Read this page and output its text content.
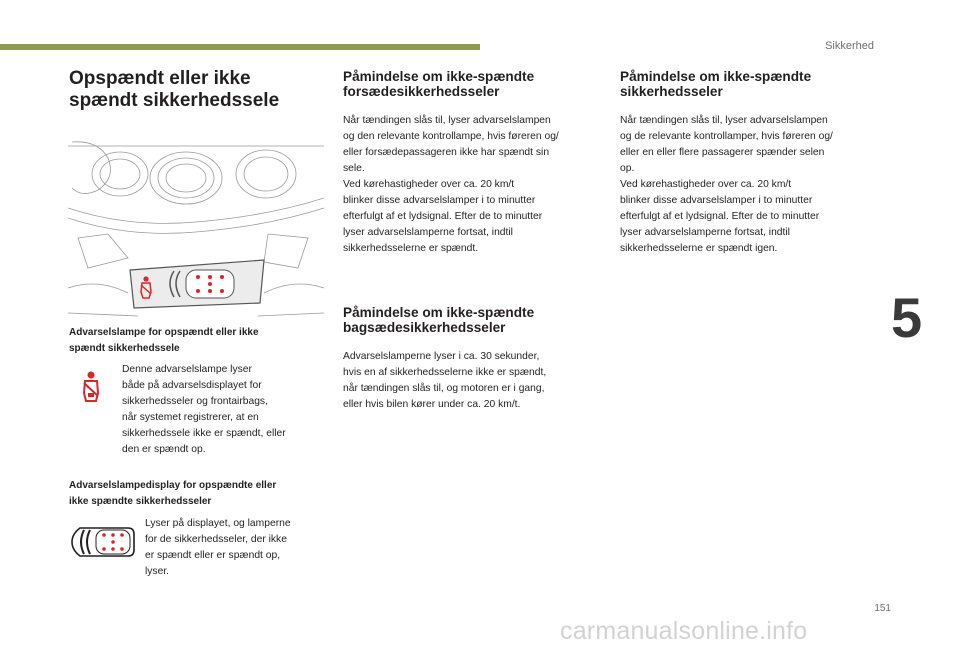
Sikkerhed
5
151
carmanualsonline.info
Opspændt eller ikke
spændt sikkerhedssele
Advarselslampe for opspændt eller ikke
spændt sikkerhedssele

Denne advarselslampe lyser
både på advarselsdisplayet for
sikkerhedsseler og frontairbags,
når systemet registrerer, at en
sikkerhedssele ikke er spændt, eller
den er spændt op.

Advarselslampedisplay for opspændte eller
ikke spændte sikkerhedsseler

Lyser på displayet, og lamperne
for de sikkerhedsseler, der ikke
er spændt eller er spændt op,
lyser.

Påmindelse om ikke-spændte
forsædesikkerhedsseler

Når tændingen slås til, lyser advarselslampen
og den relevante kontrollampe, hvis føreren og/
eller forsædepassageren ikke har spændt sin
sele.
Ved kørehastigheder over ca. 20 km/t
blinker disse advarselslamper i to minutter
efterfulgt af et lydsignal. Efter de to minutter
lyser advarselslamperne fortsat, indtil
sikkerhedsselerne er spændt.

Påmindelse om ikke-spændte
bagsædesikkerhedsseler

Advarselslamperne lyser i ca. 30 sekunder,
hvis en af sikkerhedsselerne ikke er spændt,
når tændingen slås til, og motoren er i gang,
eller hvis bilen kører under ca. 20 km/t.

Påmindelse om ikke-spændte
sikkerhedsseler

Når tændingen slås til, lyser advarselslampen
og de relevante kontrollamper, hvis føreren og/
eller en eller flere passagerer spænder selen
op.
Ved kørehastigheder over ca. 20 km/t
blinker disse advarselslamper i to minutter
efterfulgt af et lydsignal. Efter de to minutter
lyser advarselslamperne fortsat, indtil
sikkerhedsselerne er spændt igen.
